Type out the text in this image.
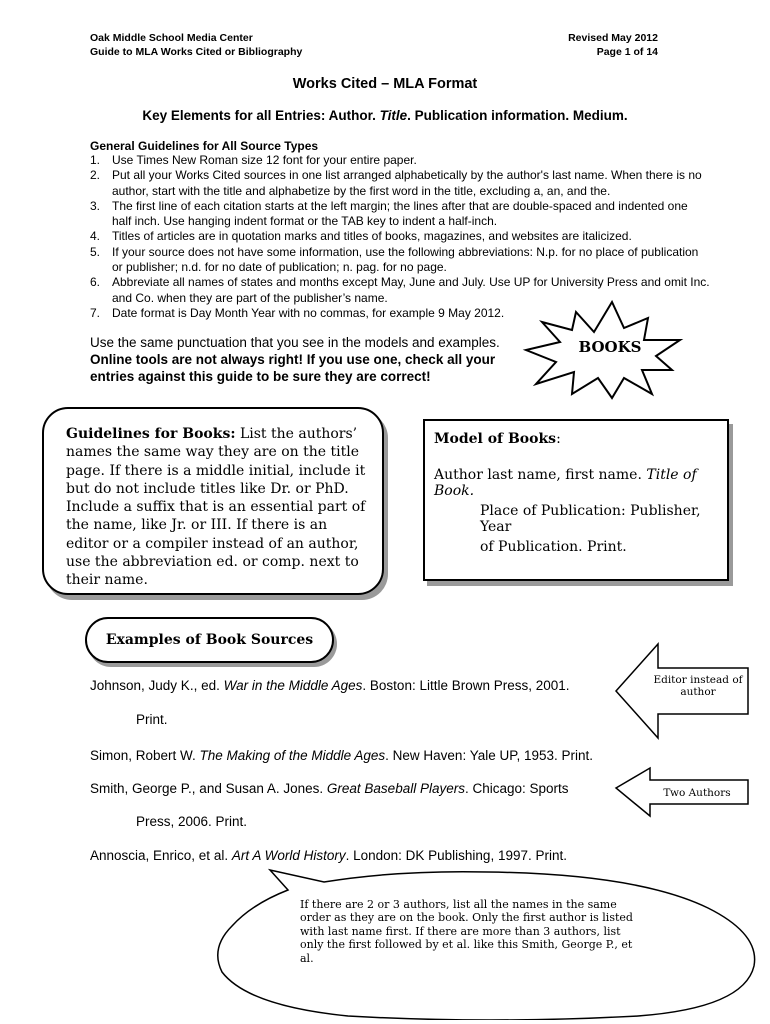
Oak Middle School Media Center
Guide to MLA Works Cited or Bibliography
Revised May 2012
Page 1 of 14
Works Cited – MLA Format
Key Elements for all Entries: Author. Title. Publication information. Medium.
General Guidelines for All Source Types
1. Use Times New Roman size 12 font for your entire paper.
2. Put all your Works Cited sources in one list arranged alphabetically by the author's last name. When there is no author, start with the title and alphabetize by the first word in the title, excluding a, an, and the.
3. The first line of each citation starts at the left margin; the lines after that are double-spaced and indented one half inch. Use hanging indent format or the TAB key to indent a half-inch.
4. Titles of articles are in quotation marks and titles of books, magazines, and websites are italicized.
5. If your source does not have some information, use the following abbreviations: N.p. for no place of publication or publisher; n.d. for no date of publication; n. pag. for no page.
6. Abbreviate all names of states and months except May, June and July. Use UP for University Press and omit Inc. and Co. when they are part of the publisher’s name.
7. Date format is Day Month Year with no commas, for example 9 May 2012.
Use the same punctuation that you see in the models and examples.
Online tools are not always right! If you use one, check all your entries against this guide to be sure they are correct!
BOOKS
Guidelines for Books: List the authors’ names the same way they are on the title page. If there is a middle initial, include it but do not include titles like Dr. or PhD. Include a suffix that is an essential part of the name, like Jr. or III. If there is an editor or a compiler instead of an author, use the abbreviation ed. or comp. next to their name.
Model of Books:
Author last name, first name. Title of Book.
Place of Publication: Publisher, Year
of Publication. Print.
Examples of Book Sources
Johnson, Judy K., ed. War in the Middle Ages. Boston: Little Brown Press, 2001.
Print.
Simon, Robert W. The Making of the Middle Ages. New Haven: Yale UP, 1953. Print.
Smith, George P., and Susan A. Jones. Great Baseball Players. Chicago: Sports
Press, 2006. Print.
Annoscia, Enrico, et al. Art A World History. London: DK Publishing, 1997. Print.
Editor instead of author
Two Authors
If there are 2 or 3 authors, list all the names in the same order as they are on the book. Only the first author is listed with last name first. If there are more than 3 authors, list only the first followed by et al. like this Smith, George P., et al.
